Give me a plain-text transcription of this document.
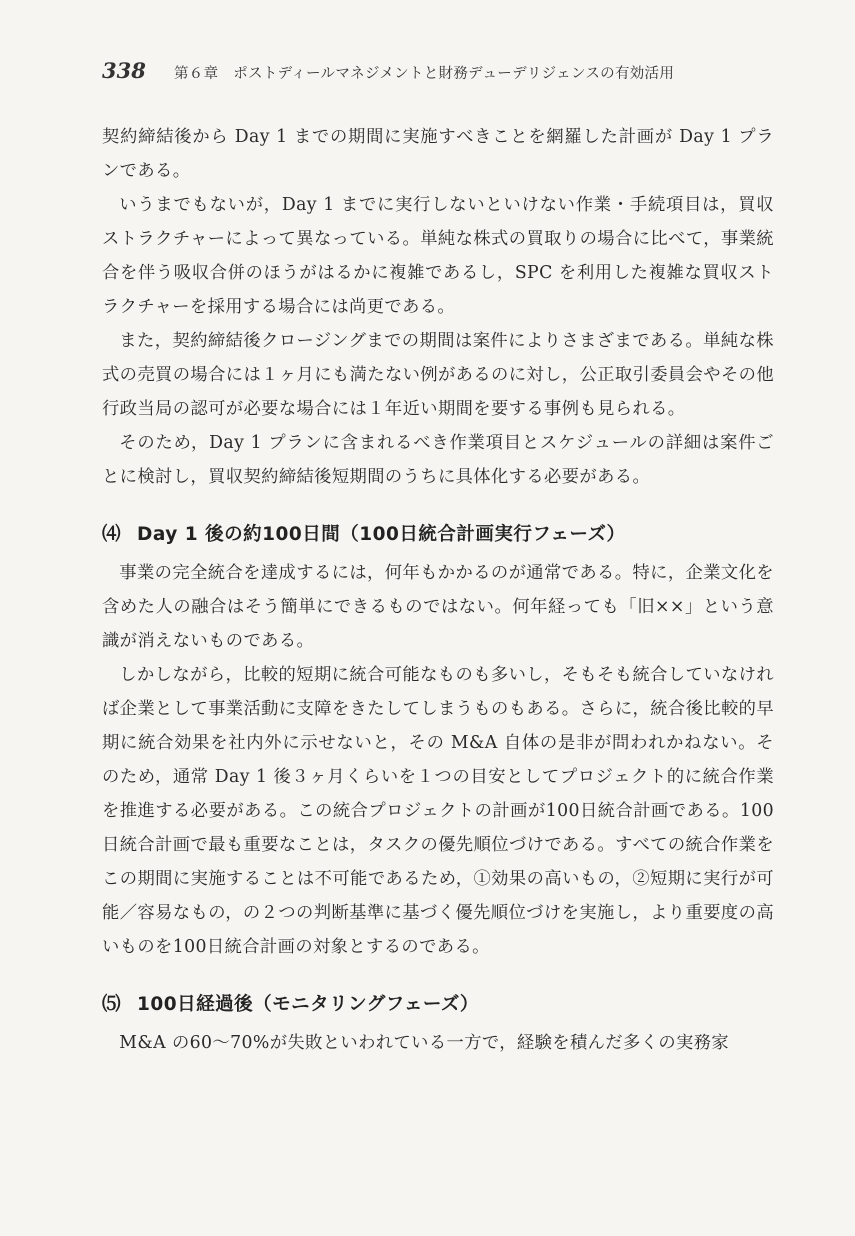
338 第６章　ポストディールマネジメントと財務デューデリジェンスの有効活用

契約締結後から Day 1 までの期間に実施すべきことを網羅した計画が Day 1 プランである。

いうまでもないが，Day 1 までに実行しないといけない作業・手続項目は，買収ストラクチャーによって異なっている。単純な株式の買取りの場合に比べて，事業統合を伴う吸収合併のほうがはるかに複雑であるし，SPC を利用した複雑な買収ストラクチャーを採用する場合には尚更である。

また，契約締結後クロージングまでの期間は案件によりさまざまである。単純な株式の売買の場合には１ヶ月にも満たない例があるのに対し，公正取引委員会やその他行政当局の認可が必要な場合には１年近い期間を要する事例も見られる。

そのため，Day 1 プランに含まれるべき作業項目とスケジュールの詳細は案件ごとに検討し，買収契約締結後短期間のうちに具体化する必要がある。

⑷ Day 1 後の約100日間（100日統合計画実行フェーズ）

事業の完全統合を達成するには，何年もかかるのが通常である。特に，企業文化を含めた人の融合はそう簡単にできるものではない。何年経っても「旧××」という意識が消えないものである。

しかしながら，比較的短期に統合可能なものも多いし，そもそも統合していなければ企業として事業活動に支障をきたしてしまうものもある。さらに，統合後比較的早期に統合効果を社内外に示せないと，その M&A 自体の是非が問われかねない。そのため，通常 Day 1 後３ヶ月くらいを１つの目安としてプロジェクト的に統合作業を推進する必要がある。この統合プロジェクトの計画が100日統合計画である。100日統合計画で最も重要なことは，タスクの優先順位づけである。すべての統合作業をこの期間に実施することは不可能であるため，①効果の高いもの，②短期に実行が可能／容易なもの，の２つの判断基準に基づく優先順位づけを実施し，より重要度の高いものを100日統合計画の対象とするのである。

⑸ 100日経過後（モニタリングフェーズ）

M&A の60～70%が失敗といわれている一方で，経験を積んだ多くの実務家
